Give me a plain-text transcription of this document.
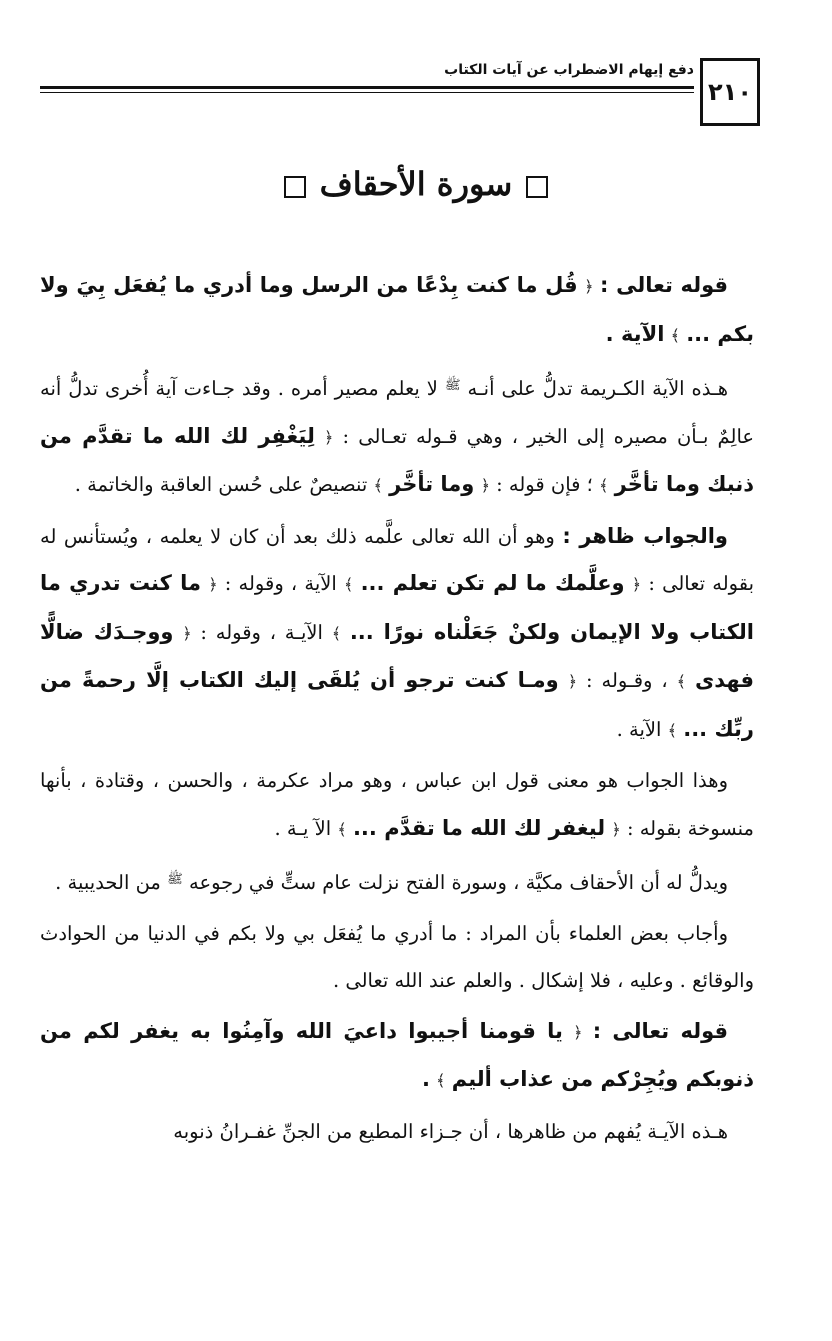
٢١٠
دفع إيهام الاضطراب عن آيات الكتاب
سورة الأحقاف

قوله تعالى : ﴿ قُل ما كنت بِدْعًا من الرسل وما أدري ما يُفعَل بِيَ ولا بكم ... ﴾ الآية .

هـذه الآية الكـريمة تدلُّ على أنـه $^ﷺ$ لا يعلم مصير أمره . وقد جـاءت آية أُخرى تدلُّ أنه عالِمٌ بـأن مصيره إلى الخير ، وهي قـوله تعـالى : ﴿ لِيَغْفِر لك الله ما تقدَّم من ذنبك وما تأخَّر ﴾ ؛ فإن قوله : ﴿ وما تأخَّر ﴾ تنصيصٌ على حُسن العاقبة والخاتمة .

والجواب ظاهر : وهو أن الله تعالى علَّمه ذلك بعد أن كان لا يعلمه ، ويُستأنس له بقوله تعالى : ﴿ وعلَّمك ما لم تكن تعلم ... ﴾ الآية ، وقوله : ﴿ ما كنت تدري ما الكتاب ولا الإيمان ولكنْ جَعَلْناه نورًا ... ﴾ الآيـة ، وقوله : ﴿ ووجـدَك ضالًّا فهدى ﴾ ، وقـوله : ﴿ ومـا كنت ترجو أن يُلقَى إليك الكتاب إلَّا رحمةً من ربِّك ... ﴾ الآية .

وهذا الجواب هو معنى قول ابن عباس ، وهو مراد عكرمة ، والحسن ، وقتادة ، بأنها منسوخة بقوله : ﴿ ليغفر لك الله ما تقدَّم ... ﴾ الآ يـة .

ويدلُّ له أن الأحقاف مكيَّة ، وسورة الفتح نزلت عام ستٍّ في رجوعه $^ﷺ$ من الحديبية .

وأجاب بعض العلماء بأن المراد : ما أدري ما يُفعَل بي ولا بكم في الدنيا من الحوادث والوقائع . وعليه ، فلا إشكال . والعلم عند الله تعالى .

قوله تعالى : ﴿ يا قومنا أجيبوا داعيَ الله وآمِنُوا به يغفر لكم من ذنوبكم ويُجِرْكم من عذاب أليم ﴾ .

هـذه الآيـة يُفهم من ظاهرها ، أن جـزاء المطيع من الجنِّ غفـرانُ ذنوبه
